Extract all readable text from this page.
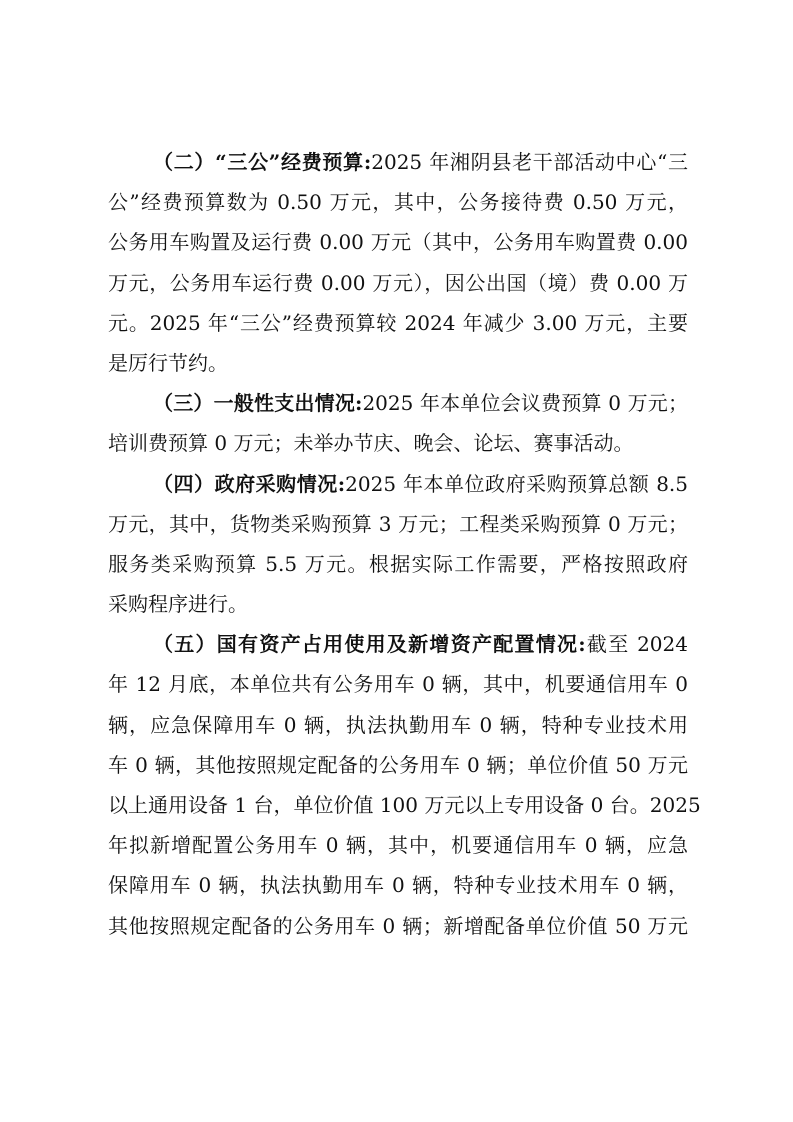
（二）“三公”经费预算:2025 年湘阴县老干部活动中心“三
公”经费预算数为 0.50 万元，其中，公务接待费 0.50 万元，
公务用车购置及运行费 0.00 万元（其中，公务用车购置费 0.00
万元，公务用车运行费 0.00 万元），因公出国（境）费 0.00 万
元。2025 年“三公”经费预算较 2024 年减少 3.00 万元，主要
是厉行节约。
（三）一般性支出情况:2025 年本单位会议费预算 0 万元；
培训费预算 0 万元；未举办节庆、晚会、论坛、赛事活动。
（四）政府采购情况:2025 年本单位政府采购预算总额 8.5
万元，其中，货物类采购预算 3 万元；工程类采购预算 0 万元；
服务类采购预算 5.5 万元。根据实际工作需要，严格按照政府
采购程序进行。
（五）国有资产占用使用及新增资产配置情况:截至 2024
年 12 月底，本单位共有公务用车 0 辆，其中，机要通信用车 0
辆，应急保障用车 0 辆，执法执勤用车 0 辆，特种专业技术用
车 0 辆，其他按照规定配备的公务用车 0 辆；单位价值 50 万元
以上通用设备 1 台，单位价值 100 万元以上专用设备 0 台。2025
年拟新增配置公务用车 0 辆，其中，机要通信用车 0 辆，应急
保障用车 0 辆，执法执勤用车 0 辆，特种专业技术用车 0 辆，
其他按照规定配备的公务用车 0 辆；新增配备单位价值 50 万元
